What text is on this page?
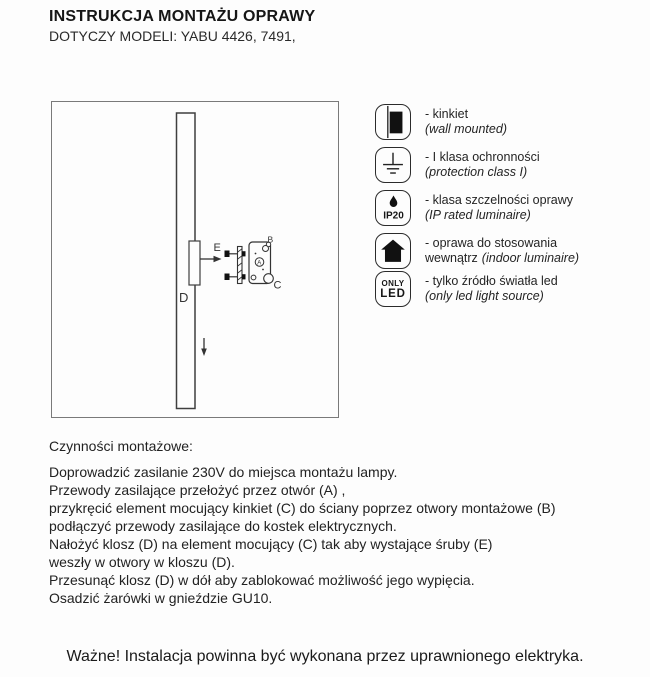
INSTRUKCJA MONTAŻU OPRAWY
DOTYCZY MODELI: YABU 4426, 7491,
D
E
B
A
C
- kinkiet
(wall mounted)
- I klasa ochronności
(protection class I)
IP20
- klasa szczelności oprawy
(IP rated luminaire)
- oprawa do stosowania
wewnątrz (indoor luminaire)
ONLY
LED
- tylko źródło światła led
(only led light source)
Czynności montażowe:
Doprowadzić zasilanie 230V do miejsca montażu lampy.
Przewody zasilające przełożyć przez otwór (A) ,
przykręcić element mocujący kinkiet (C) do ściany poprzez otwory montażowe (B)
podłączyć przewody zasilające do kostek elektrycznych.
Nałożyć klosz (D) na element mocujący (C) tak aby wystające śruby (E)
weszły w otwory w kloszu (D).
Przesunąć klosz (D) w dół aby zablokować możliwość jego wypięcia.
Osadzić żarówki w gnieździe GU10.
Ważne! Instalacja powinna być wykonana przez uprawnionego elektryka.
